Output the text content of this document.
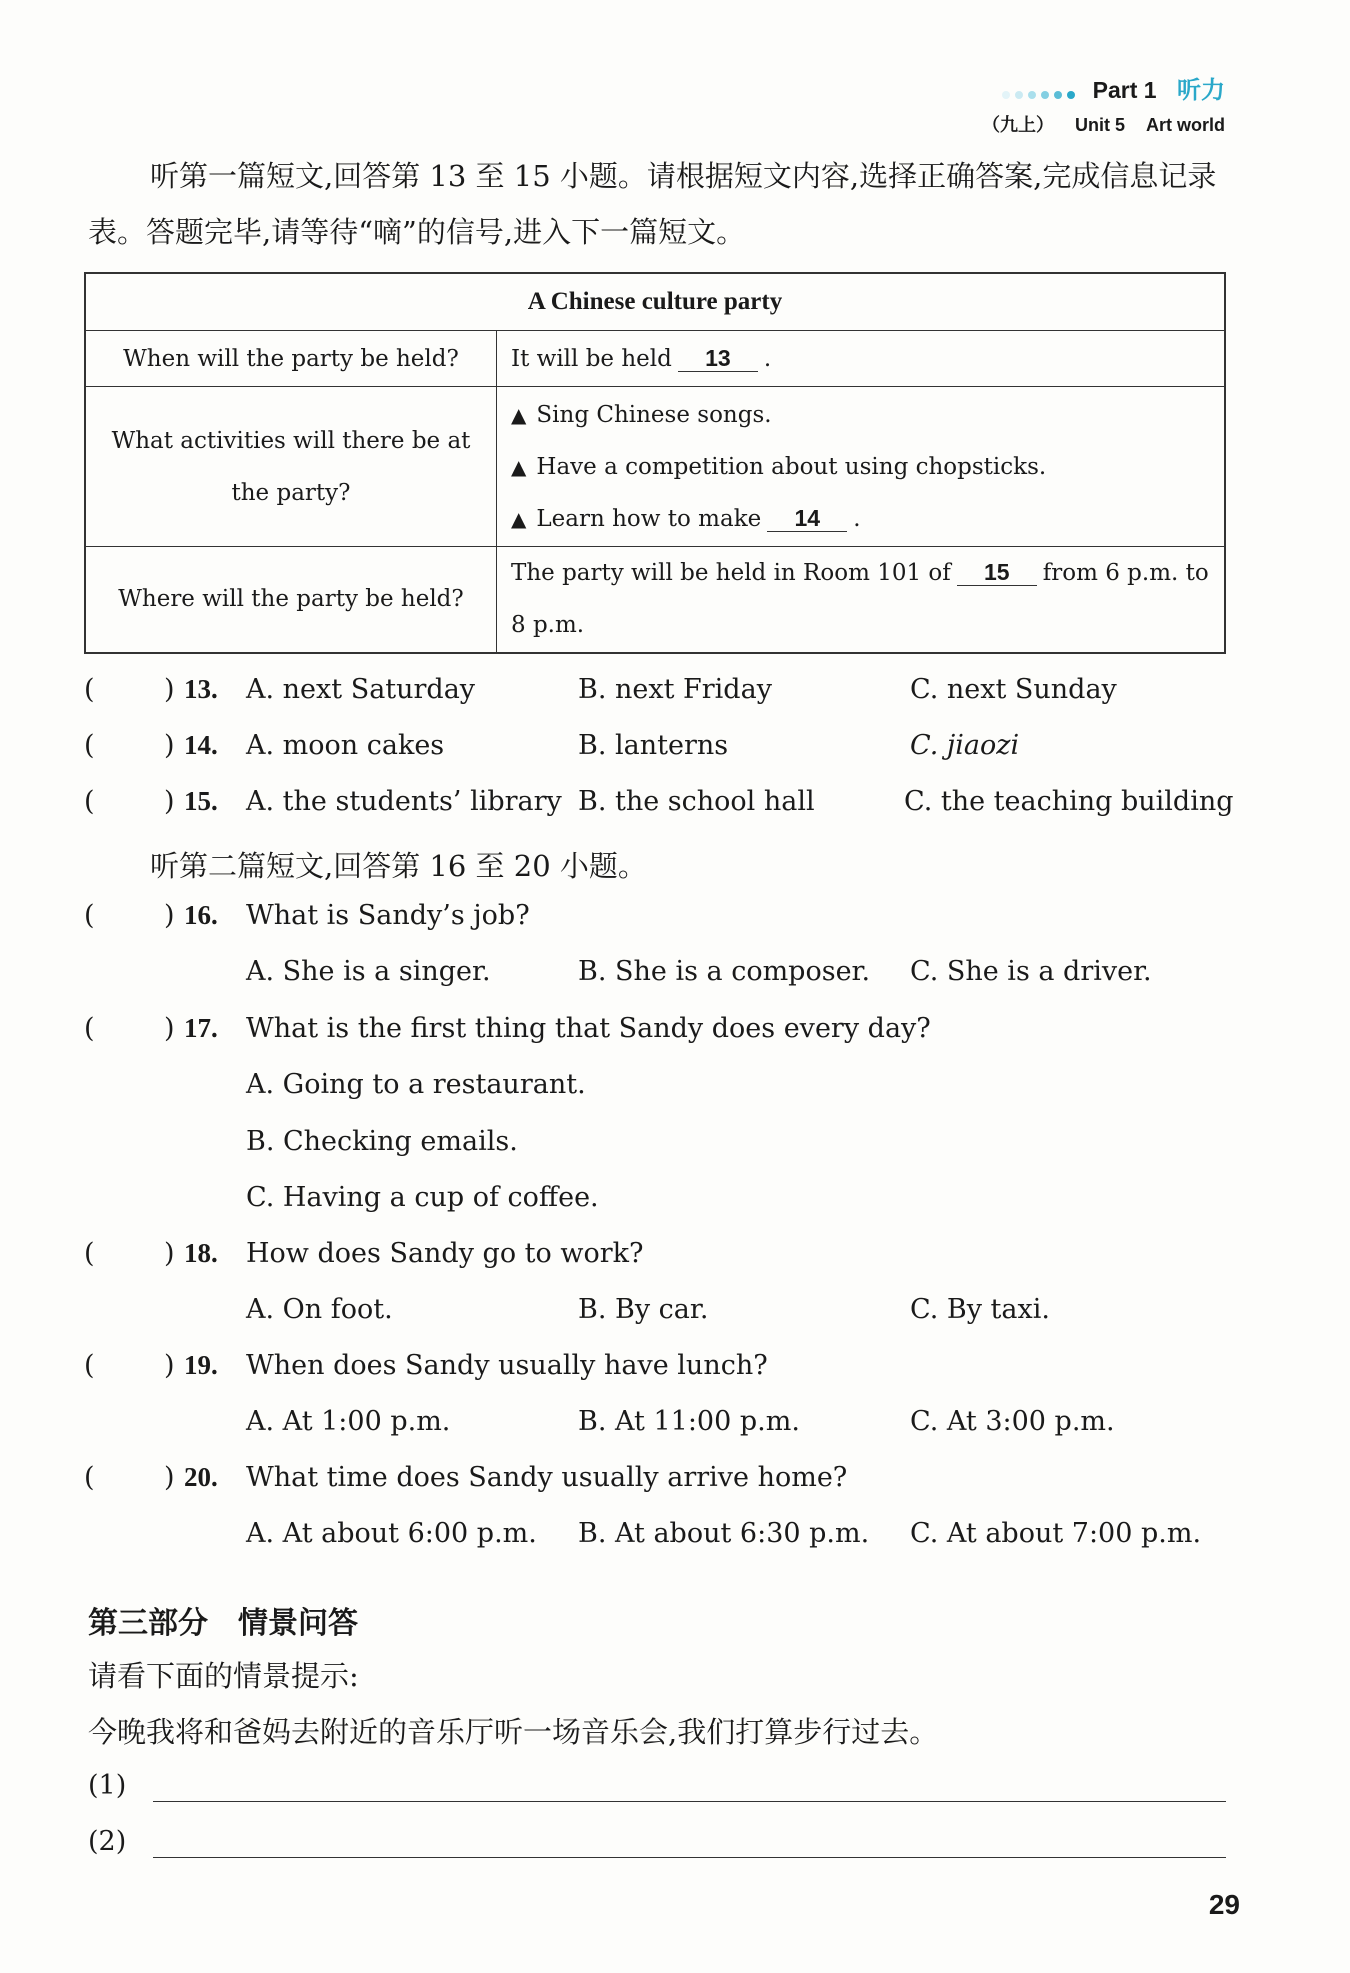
Part 1 听力
（九上） Unit 5 Art world
听第一篇短文,回答第 13 至 15 小题。请根据短文内容,选择正确答案,完成信息记录表。答题完毕,请等待“嘀”的信号,进入下一篇短文。
A Chinese culture party	
When will the party be held?	It will be held 13 .
What activities will there be at the party?	▲ Sing Chinese songs.
▲ Have a competition about using chopsticks.
▲ Learn how to make 14 .

Where will the party be held?	The party will be held in Room 101 of 15 from 6 p.m. to 8 p.m.
(	) 13. A. next Saturday	B. next Friday	C. next Sunday
(	) 14. A. moon cakes	B. lanterns	C. jiaozi
(	) 15. A. the students’ library B. the school hall	C. the teaching building
听第二篇短文,回答第 16 至 20 小题。
(	) 16. What is Sandy’s job?
A. She is a singer.	B. She is a composer. C. She is a driver.
(	) 17. What is the first thing that Sandy does every day?
A. Going to a restaurant.
B. Checking emails.
C. Having a cup of coffee.
(	) 18. How does Sandy go to work?
A. On foot.	B. By car.	C. By taxi.
(	) 19. When does Sandy usually have lunch?
A. At 1:00 p.m.	B. At 11:00 p.m.	C. At 3:00 p.m.
(	) 20. What time does Sandy usually arrive home?
A. At about 6:00 p.m. B. At about 6:30 p.m. C. At about 7:00 p.m.
第三部分　情景问答
请看下面的情景提示:
今晚我将和爸妈去附近的音乐厅听一场音乐会,我们打算步行过去。
(1)
(2)
29
